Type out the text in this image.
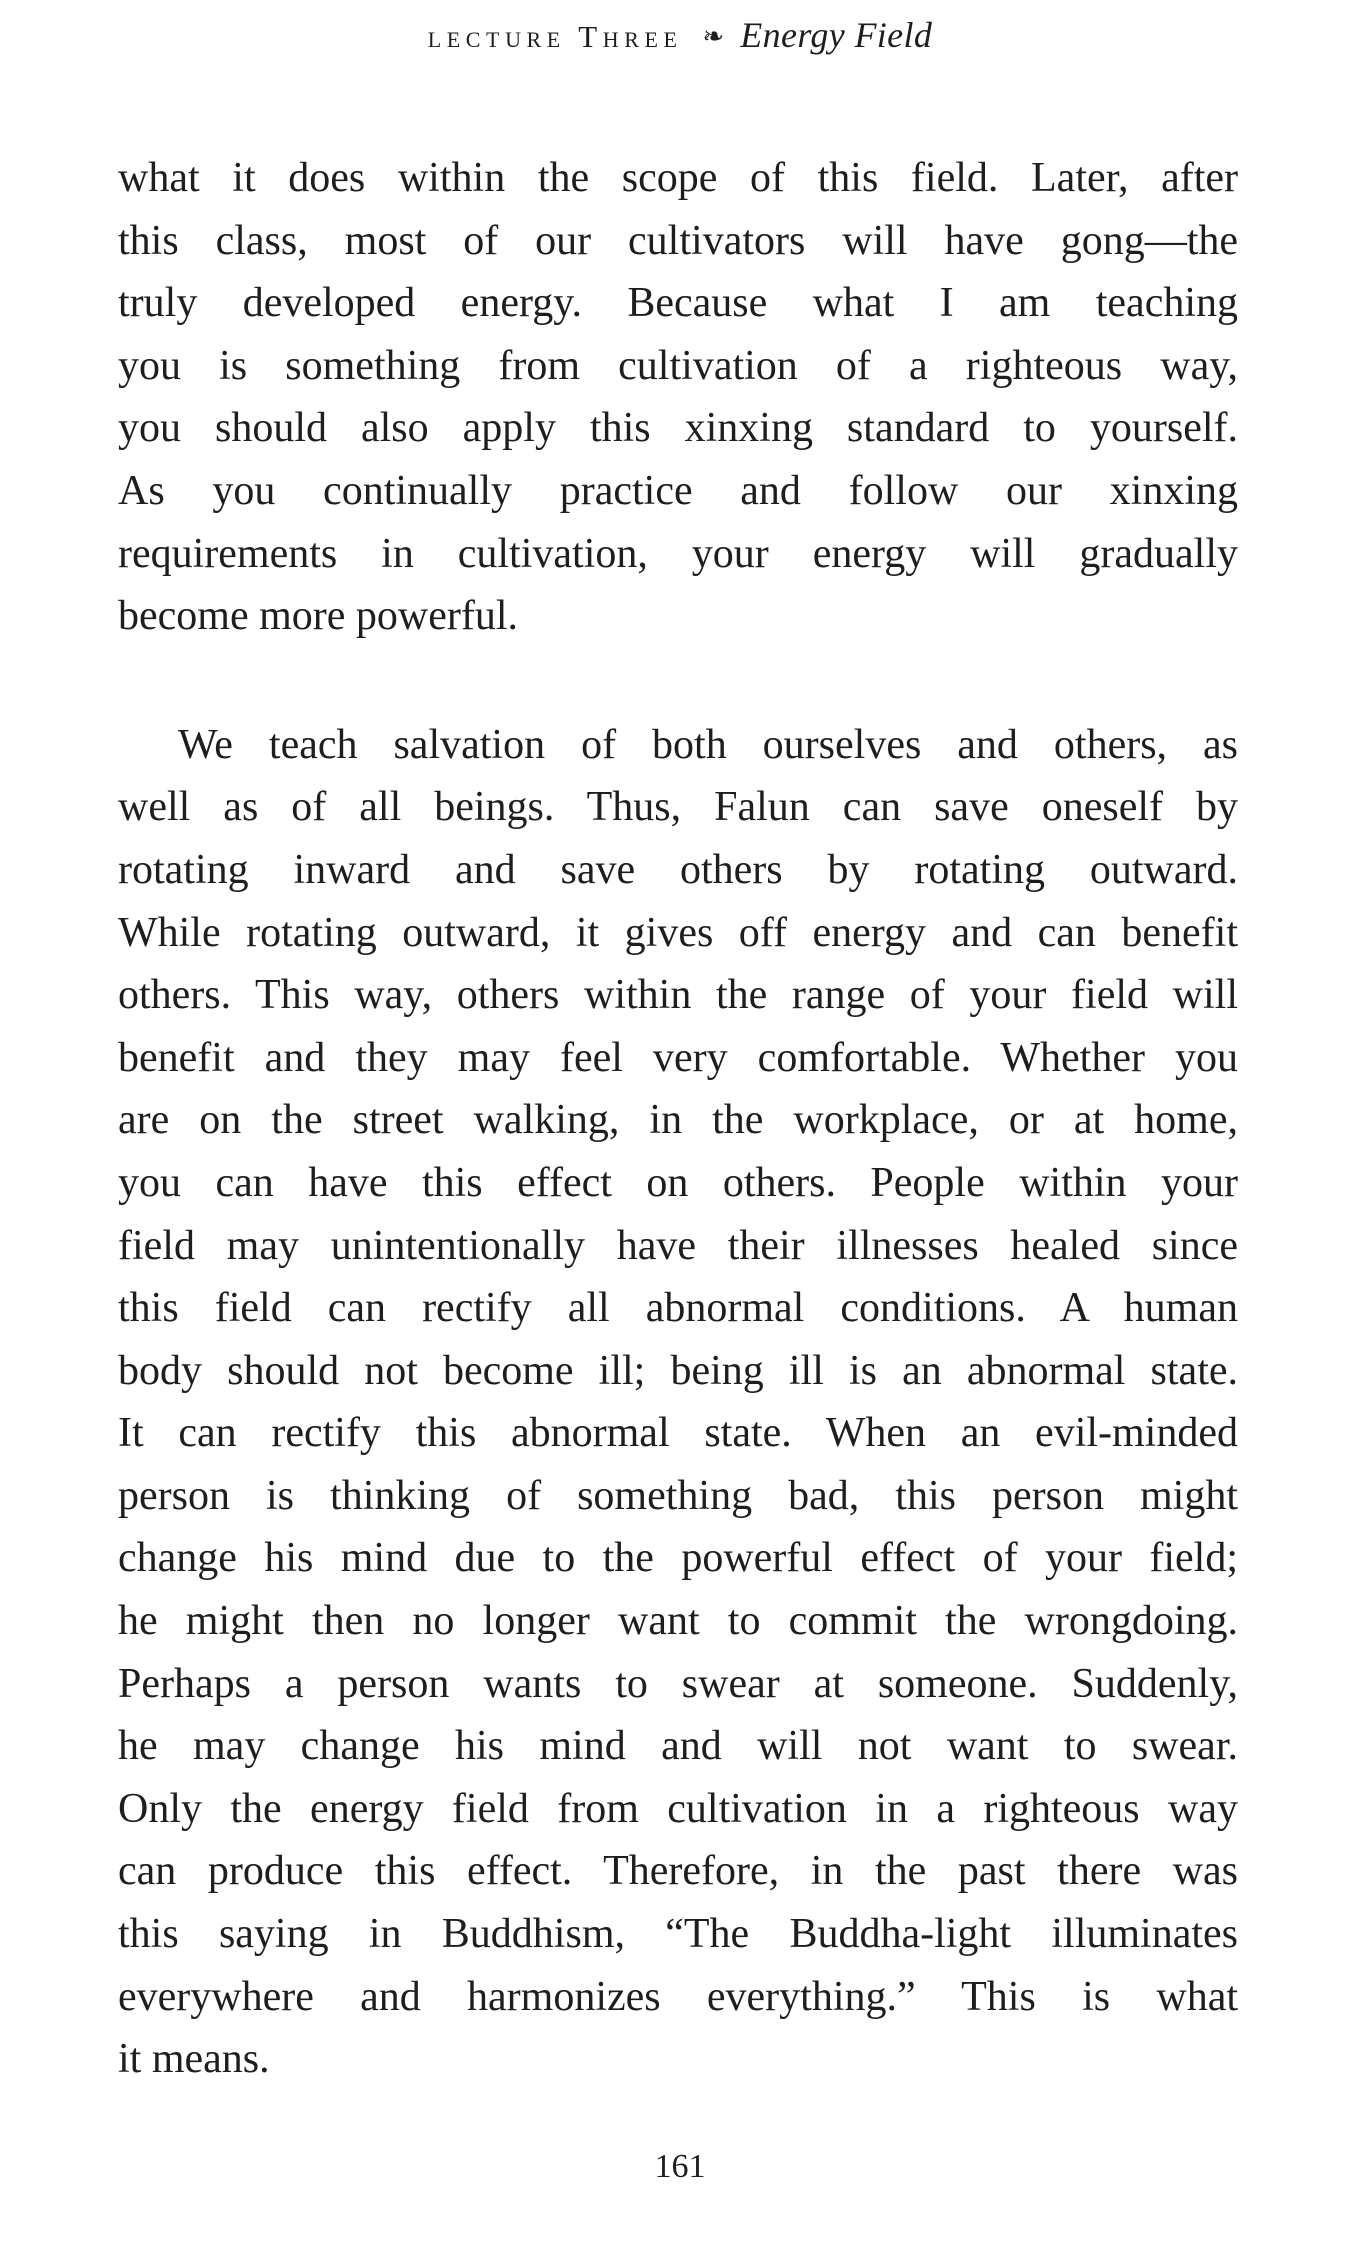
lecture Three ❧ Energy Field

what it does within the scope of this field. Later, after
this class, most of our cultivators will have gong—the
truly developed energy. Because what I am teaching
you is something from cultivation of a righteous way,
you should also apply this xinxing standard to yourself.
As you continually practice and follow our xinxing
requirements in cultivation, your energy will gradually
become more powerful.

We teach salvation of both ourselves and others, as
well as of all beings. Thus, Falun can save oneself by
rotating inward and save others by rotating outward.
While rotating outward, it gives off energy and can benefit
others. This way, others within the range of your field will
benefit and they may feel very comfortable. Whether you
are on the street walking, in the workplace, or at home,
you can have this effect on others. People within your
field may unintentionally have their illnesses healed since
this field can rectify all abnormal conditions. A human
body should not become ill; being ill is an abnormal state.
It can rectify this abnormal state. When an evil-minded
person is thinking of something bad, this person might
change his mind due to the powerful effect of your field;
he might then no longer want to commit the wrongdoing.
Perhaps a person wants to swear at someone. Suddenly,
he may change his mind and will not want to swear.
Only the energy field from cultivation in a righteous way
can produce this effect. Therefore, in the past there was
this saying in Buddhism, “The Buddha-light illuminates
everywhere and harmonizes everything.” This is what
it means.

161
